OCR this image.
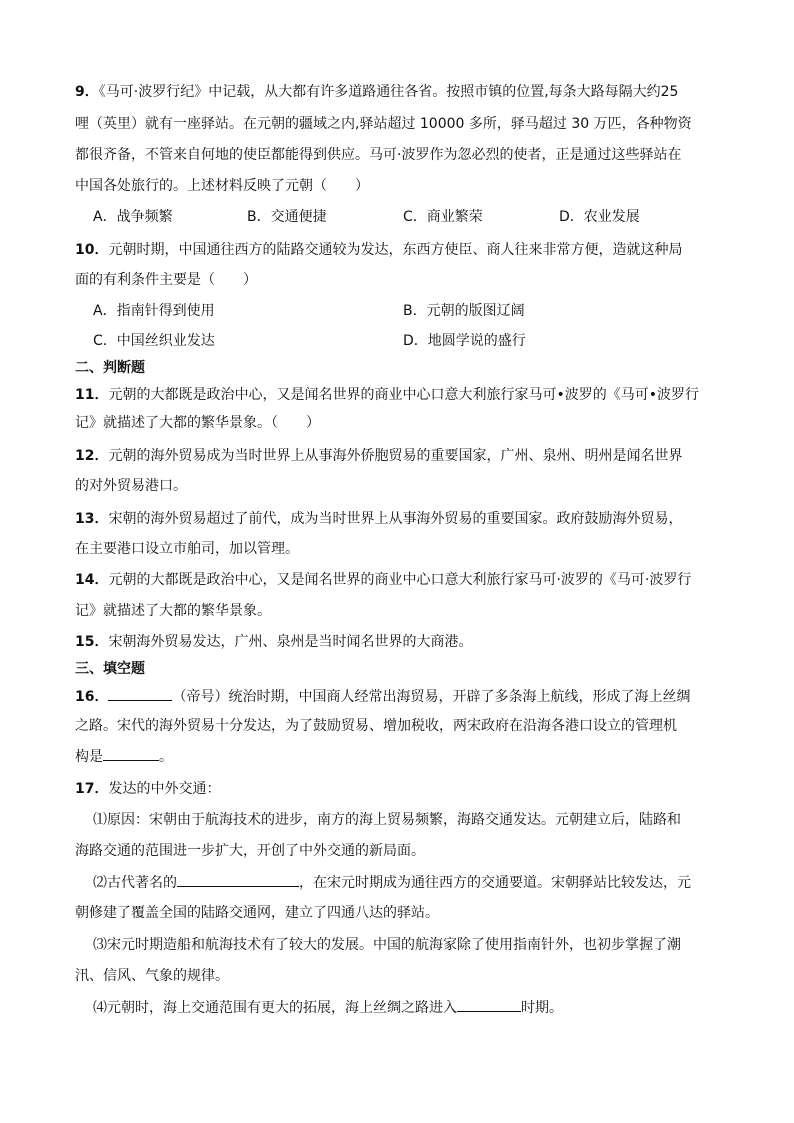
9．《马可·波罗行纪》中记载，从大都有许多道路通往各省。按照市镇的位置,每条大路每隔大约25
哩（英里）就有一座驿站。在元朝的疆域之内,驿站超过 10000 多所，驿马超过 30 万匹，各种物资
都很齐备，不管来自何地的使臣都能得到供应。马可·波罗作为忽必烈的使者，正是通过这些驿站在
中国各处旅行的。上述材料反映了元朝（　　）
A．战争频繁	B．交通便捷	C．商业繁荣	D．农业发展
10．元朝时期，中国通往西方的陆路交通较为发达，东西方使臣、商人往来非常方便，造就这种局
面的有利条件主要是（　　）
A．指南针得到使用	B．元朝的版图辽阔
C．中国丝织业发达	D．地圆学说的盛行
二、判断题
11．元朝的大都既是政治中心，又是闻名世界的商业中心口意大利旅行家马可•波罗的《马可•波罗行
记》就描述了大都的繁华景象。（　　）
12．元朝的海外贸易成为当时世界上从事海外侨胞贸易的重要国家，广州、泉州、明州是闻名世界
的对外贸易港口。
13．宋朝的海外贸易超过了前代，成为当时世界上从事海外贸易的重要国家。政府鼓励海外贸易，
在主要港口设立市舶司，加以管理。
14．元朝的大都既是政治中心，又是闻名世界的商业中心口意大利旅行家马可·波罗的《马可·波罗行
记》就描述了大都的繁华景象。
15．宋朝海外贸易发达，广州、泉州是当时闻名世界的大商港。
三、填空题
16．	（帝号）统治时期，中国商人经常出海贸易，开辟了多条海上航线，形成了海上丝绸
之路。宋代的海外贸易十分发达，为了鼓励贸易、增加税收，两宋政府在沿海各港口设立的管理机
构是	。
17．发达的中外交通：
⑴原因：宋朝由于航海技术的进步，南方的海上贸易频繁，海路交通发达。元朝建立后，陆路和
海路交通的范围进一步扩大，开创了中外交通的新局面。
⑵古代著名的	，在宋元时期成为通往西方的交通要道。宋朝驿站比较发达，元
朝修建了覆盖全国的陆路交通网，建立了四通八达的驿站。
⑶宋元时期造船和航海技术有了较大的发展。中国的航海家除了使用指南针外，也初步掌握了潮
汛、信风、气象的规律。
⑷元朝时，海上交通范围有更大的拓展，海上丝绸之路进入	时期。
